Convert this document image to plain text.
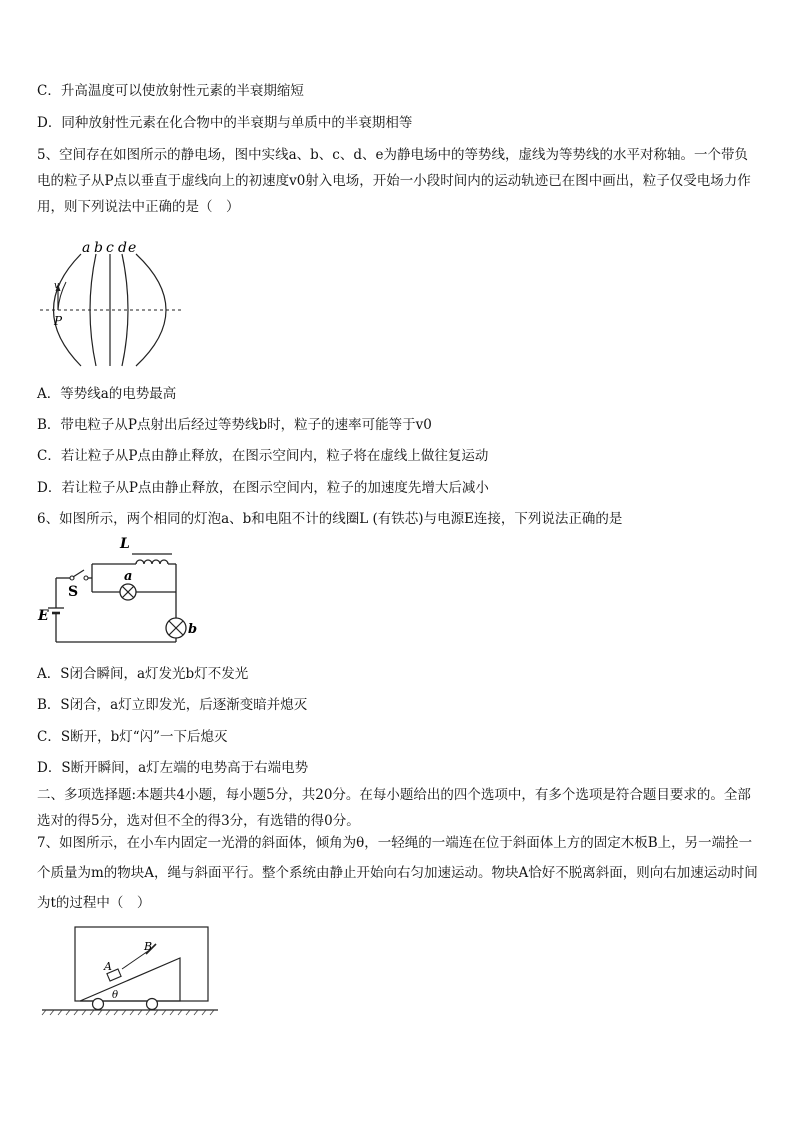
C．升高温度可以使放射性元素的半衰期缩短
D．同种放射性元素在化合物中的半衰期与单质中的半衰期相等
5、空间存在如图所示的静电场，图中实线a、b、c、d、e为静电场中的等势线，虚线为等势线的水平对称轴。一个带负电的粒子从P点以垂直于虚线向上的初速度v0射入电场，开始一小段时间内的运动轨迹已在图中画出，粒子仅受电场力作用，则下列说法中正确的是（　）
a b c d e
v
P
A．等势线a的电势最高
B．带电粒子从P点射出后经过等势线b时，粒子的速率可能等于v0
C．若让粒子从P点由静止释放，在图示空间内，粒子将在虚线上做往复运动
D．若让粒子从P点由静止释放，在图示空间内，粒子的加速度先增大后减小
6、如图所示，两个相同的灯泡a、b和电阻不计的线圈L (有铁芯)与电源E连接，下列说法正确的是
L
a
S
E
b
A．S闭合瞬间，a灯发光b灯不发光
B．S闭合，a灯立即发光，后逐渐变暗并熄灭
C．S断开，b灯“闪”一下后熄灭
D．S断开瞬间，a灯左端的电势高于右端电势
二、多项选择题:本题共4小题，每小题5分，共20分。在每小题给出的四个选项中，有多个选项是符合题目要求的。全部选对的得5分，选对但不全的得3分，有选错的得0分。
7、如图所示，在小车内固定一光滑的斜面体，倾角为θ，一轻绳的一端连在位于斜面体上方的固定木板B上，另一端拴一个质量为m的物块A，绳与斜面平行。整个系统由静止开始向右匀加速运动。物块A恰好不脱离斜面，则向右加速运动时间为t的过程中（　）
B
A
θ
